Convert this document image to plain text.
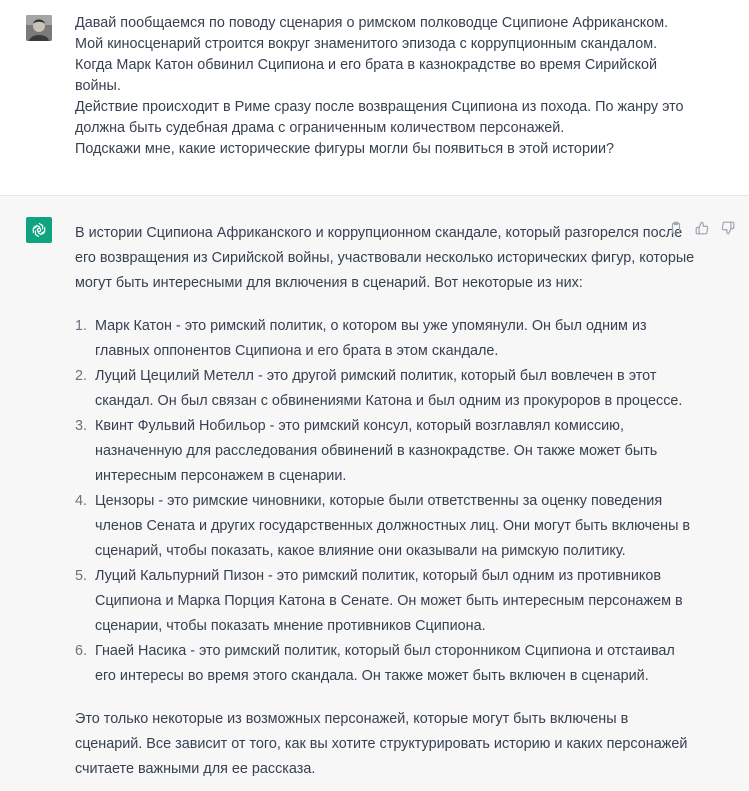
Давай пообщаемся по поводу сценария о римском полководце Сципионе Африканском.
Мой киносценарий строится вокруг знаменитого эпизода с коррупционным скандалом.
Когда Марк Катон обвинил Сципиона и его брата в казнокрадстве во время Сирийской
войны.
Действие происходит в Риме сразу после возвращения Сципиона из похода. По жанру это
должна быть судебная драма с ограниченным количеством персонажей.
Подскажи мне, какие исторические фигуры могли бы появиться в этой истории?

В истории Сципиона Африканского и коррупционном скандале, который разгорелся после
его возвращения из Сирийской войны, участвовали несколько исторических фигур, которые
могут быть интересными для включения в сценарий. Вот некоторые из них:

1. Марк Катон - это римский политик, о котором вы уже упомянули. Он был одним из
главных оппонентов Сципиона и его брата в этом скандале.
2. Луций Цецилий Метелл - это другой римский политик, который был вовлечен в этот
скандал. Он был связан с обвинениями Катона и был одним из прокуроров в процессе.
3. Квинт Фульвий Нобильор - это римский консул, который возглавлял комиссию,
назначенную для расследования обвинений в казнокрадстве. Он также может быть
интересным персонажем в сценарии.
4. Цензоры - это римские чиновники, которые были ответственны за оценку поведения
членов Сената и других государственных должностных лиц. Они могут быть включены в
сценарий, чтобы показать, какое влияние они оказывали на римскую политику.
5. Луций Кальпурний Пизон - это римский политик, который был одним из противников
Сципиона и Марка Порция Катона в Сенате. Он может быть интересным персонажем в
сценарии, чтобы показать мнение противников Сципиона.
6. Гнаей Насика - это римский политик, который был сторонником Сципиона и отстаивал
его интересы во время этого скандала. Он также может быть включен в сценарий.

Это только некоторые из возможных персонажей, которые могут быть включены в
сценарий. Все зависит от того, как вы хотите структурировать историю и каких персонажей
считаете важными для ее рассказа.
